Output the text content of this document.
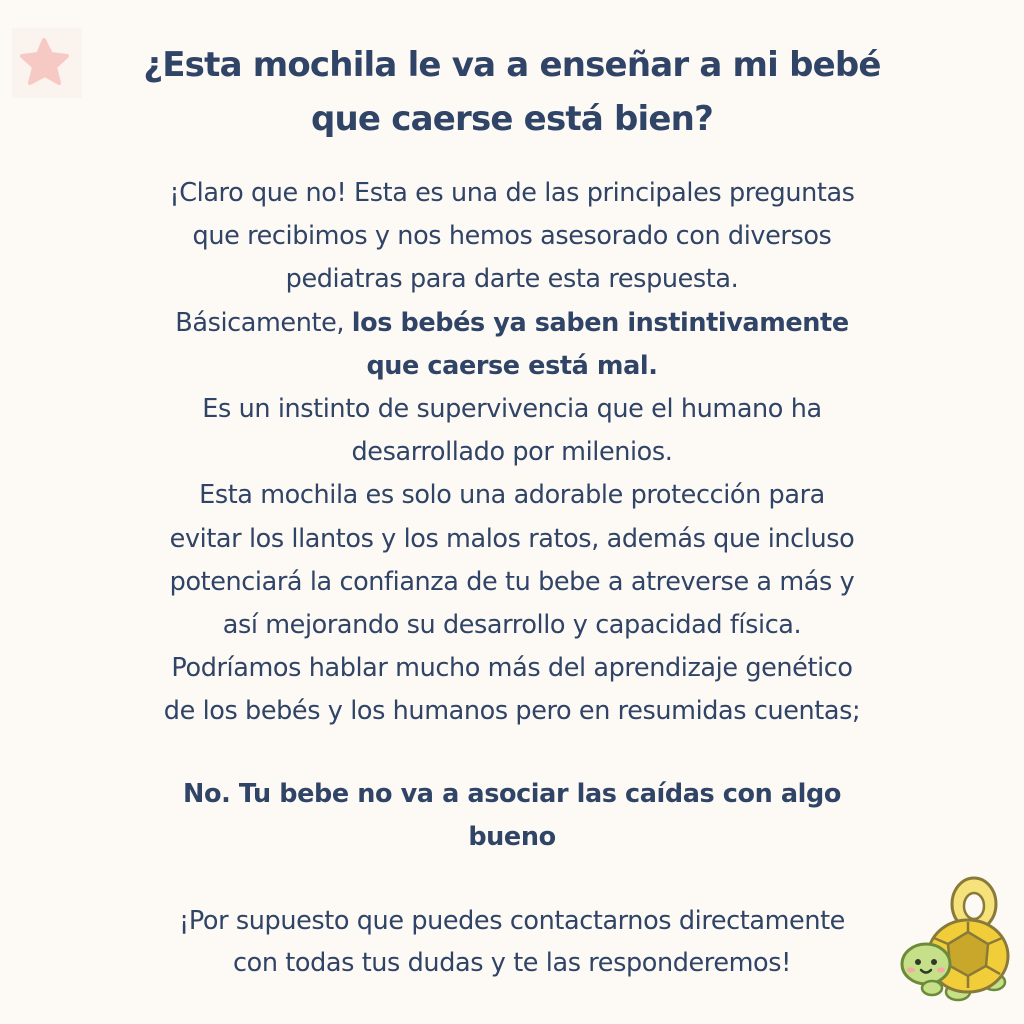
¿Esta mochila le va a enseñar a mi bebé
que caerse está bien?
¡Claro que no! Esta es una de las principales preguntas
que recibimos y nos hemos asesorado con diversos
pediatras para darte esta respuesta.
Básicamente, los bebés ya saben instintivamente
que caerse está mal.
Es un instinto de supervivencia que el humano ha
desarrollado por milenios.
Esta mochila es solo una adorable protección para
evitar los llantos y los malos ratos, además que incluso
potenciará la confianza de tu bebe a atreverse a más y
así mejorando su desarrollo y capacidad física.
Podríamos hablar mucho más del aprendizaje genético
de los bebés y los humanos pero en resumidas cuentas;
No. Tu bebe no va a asociar las caídas con algo
bueno
¡Por supuesto que puedes contactarnos directamente
con todas tus dudas y te las responderemos!
